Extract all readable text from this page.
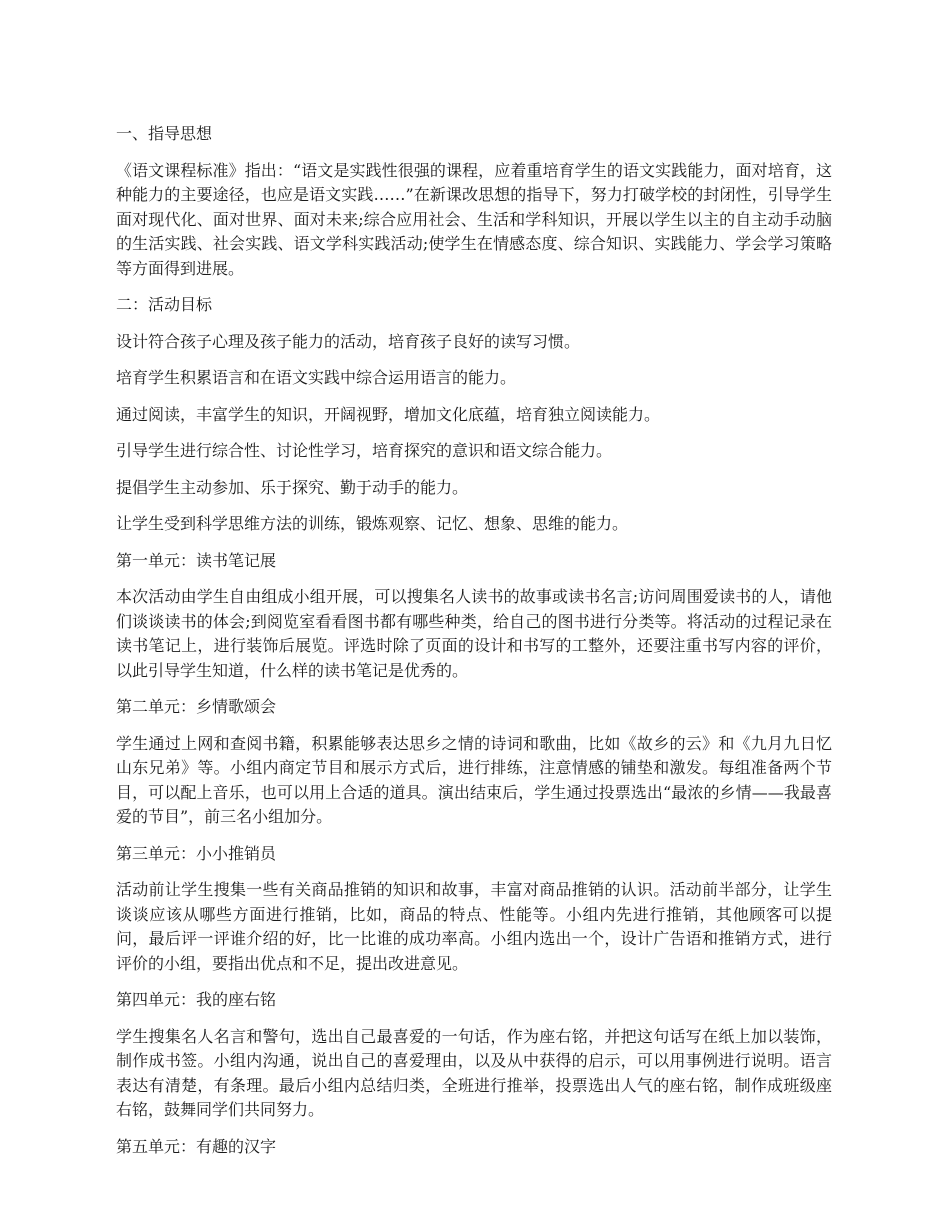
一、指导思想

《语文课程标准》指出：“语文是实践性很强的课程，应着重培育学生的语文实践能力，面对培育，这种能力的主要途径，也应是语文实践……”在新课改思想的指导下，努力打破学校的封闭性，引导学生面对现代化、面对世界、面对未来;综合应用社会、生活和学科知识，开展以学生以主的自主动手动脑的生活实践、社会实践、语文学科实践活动;使学生在情感态度、综合知识、实践能力、学会学习策略等方面得到进展。

二：活动目标

设计符合孩子心理及孩子能力的活动，培育孩子良好的读写习惯。

培育学生积累语言和在语文实践中综合运用语言的能力。

通过阅读，丰富学生的知识，开阔视野，增加文化底蕴，培育独立阅读能力。

引导学生进行综合性、讨论性学习，培育探究的意识和语文综合能力。

提倡学生主动参加、乐于探究、勤于动手的能力。

让学生受到科学思维方法的训练，锻炼观察、记忆、想象、思维的能力。

第一单元：读书笔记展

本次活动由学生自由组成小组开展，可以搜集名人读书的故事或读书名言;访问周围爱读书的人，请他们谈谈读书的体会;到阅览室看看图书都有哪些种类，给自己的图书进行分类等。将活动的过程记录在读书笔记上，进行装饰后展览。评选时除了页面的设计和书写的工整外，还要注重书写内容的评价，以此引导学生知道，什么样的读书笔记是优秀的。

第二单元：乡情歌颂会

学生通过上网和查阅书籍，积累能够表达思乡之情的诗词和歌曲，比如《故乡的云》和《九月九日忆山东兄弟》等。小组内商定节目和展示方式后，进行排练，注意情感的铺垫和激发。每组准备两个节目，可以配上音乐，也可以用上合适的道具。演出结束后，学生通过投票选出“最浓的乡情——我最喜爱的节目”，前三名小组加分。

第三单元：小小推销员

活动前让学生搜集一些有关商品推销的知识和故事，丰富对商品推销的认识。活动前半部分，让学生谈谈应该从哪些方面进行推销，比如，商品的特点、性能等。小组内先进行推销，其他顾客可以提问，最后评一评谁介绍的好，比一比谁的成功率高。小组内选出一个，设计广告语和推销方式，进行评价的小组，要指出优点和不足，提出改进意见。

第四单元：我的座右铭

学生搜集名人名言和警句，选出自己最喜爱的一句话，作为座右铭，并把这句话写在纸上加以装饰，制作成书签。小组内沟通，说出自己的喜爱理由，以及从中获得的启示，可以用事例进行说明。语言表达有清楚，有条理。最后小组内总结归类，全班进行推举，投票选出人气的座右铭，制作成班级座右铭，鼓舞同学们共同努力。

第五单元：有趣的汉字
